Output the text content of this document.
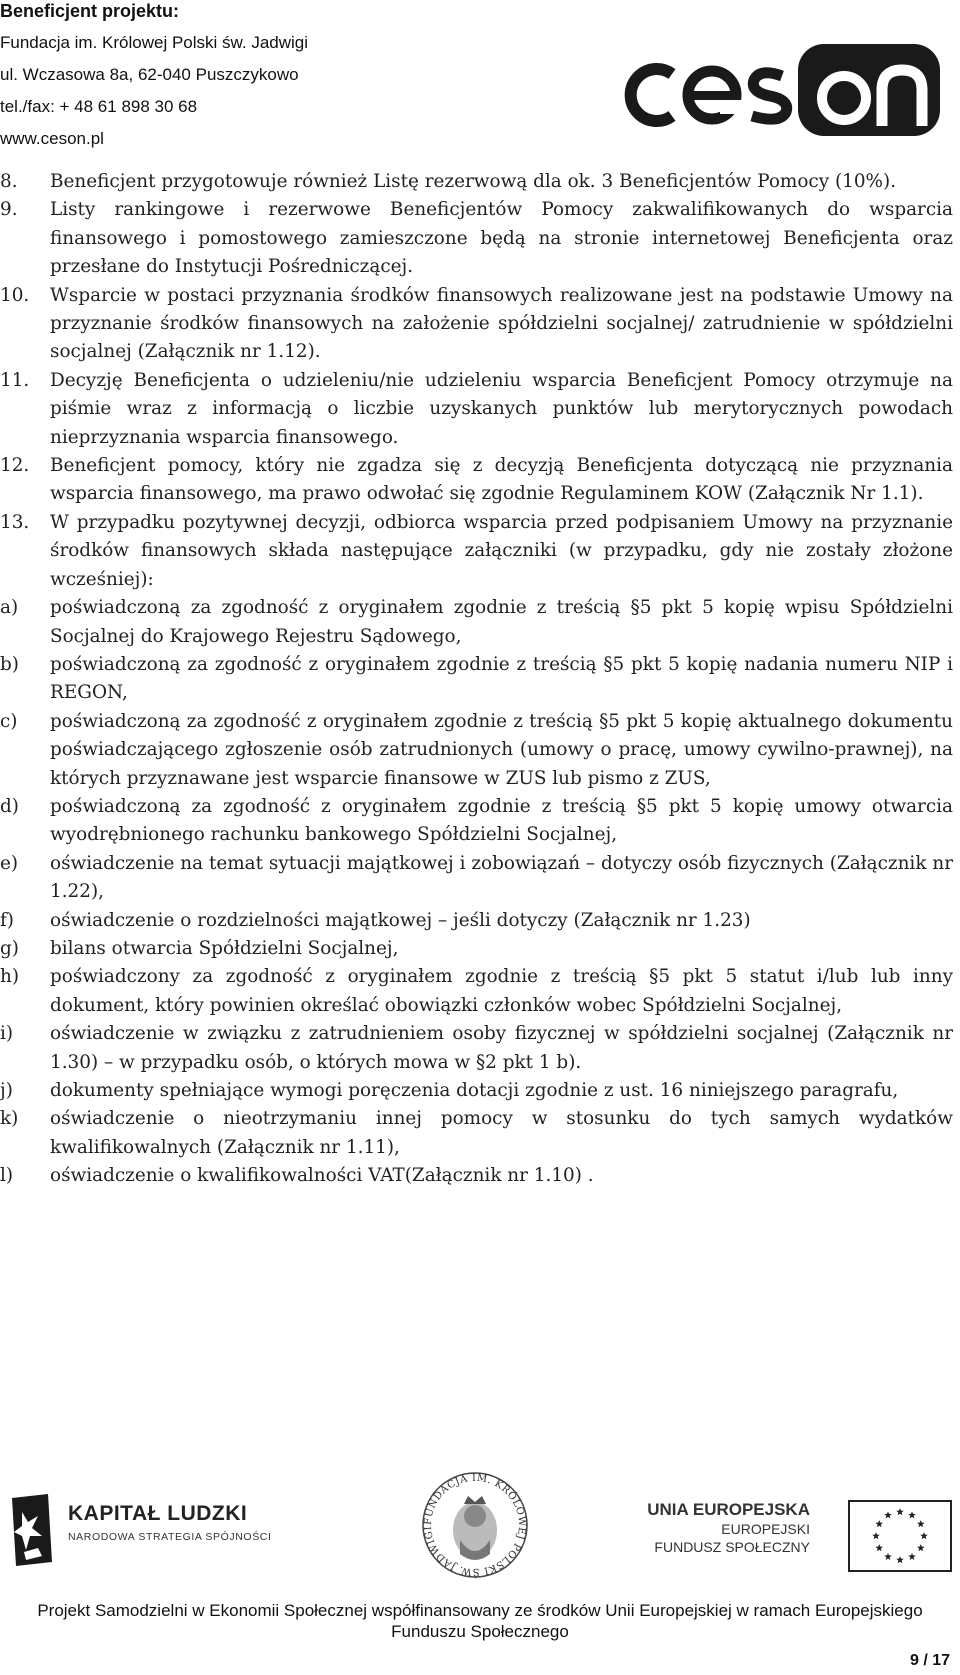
Beneficjent projektu:
Fundacja im. Królowej Polski św. Jadwigi
ul. Wczasowa 8a, 62-040 Puszczykowo
tel./fax: + 48 61 898 30 68
www.ceson.pl
ceson
8. Beneficjent przygotowuje również Listę rezerwową dla ok. 3 Beneficjentów Pomocy (10%).
9. Listy rankingowe i rezerwowe Beneficjentów Pomocy zakwalifikowanych do wsparcia finansowego i pomostowego zamieszczone będą na stronie internetowej Beneficjenta oraz przesłane do Instytucji Pośredniczącej.
10. Wsparcie w postaci przyznania środków finansowych realizowane jest na podstawie Umowy na przyznanie środków finansowych na założenie spółdzielni socjalnej/ zatrudnienie w spółdzielni socjalnej (Załącznik nr 1.12).
11. Decyzję Beneficjenta o udzieleniu/nie udzieleniu wsparcia Beneficjent Pomocy otrzymuje na piśmie wraz z informacją o liczbie uzyskanych punktów lub merytorycznych powodach nieprzyznania wsparcia finansowego.
12. Beneficjent pomocy, który nie zgadza się z decyzją Beneficjenta dotyczącą nie przyznania wsparcia finansowego, ma prawo odwołać się zgodnie Regulaminem KOW (Załącznik Nr 1.1).
13. W przypadku pozytywnej decyzji, odbiorca wsparcia przed podpisaniem Umowy na przyznanie środków finansowych składa następujące załączniki (w przypadku, gdy nie zostały złożone wcześniej):
a) poświadczoną za zgodność z oryginałem zgodnie z treścią §5 pkt 5 kopię wpisu Spółdzielni Socjalnej do Krajowego Rejestru Sądowego,
b) poświadczoną za zgodność z oryginałem zgodnie z treścią §5 pkt 5 kopię nadania numeru NIP i REGON,
c) poświadczoną za zgodność z oryginałem zgodnie z treścią §5 pkt 5 kopię aktualnego dokumentu poświadczającego zgłoszenie osób zatrudnionych (umowy o pracę, umowy cywilno-prawnej), na których przyznawane jest wsparcie finansowe w ZUS lub pismo z ZUS,
d) poświadczoną za zgodność z oryginałem zgodnie z treścią §5 pkt 5 kopię umowy otwarcia wyodrębnionego rachunku bankowego Spółdzielni Socjalnej,
e) oświadczenie na temat sytuacji majątkowej i zobowiązań – dotyczy osób fizycznych (Załącznik nr 1.22),
f) oświadczenie o rozdzielności majątkowej – jeśli dotyczy (Załącznik nr 1.23)
g) bilans otwarcia Spółdzielni Socjalnej,
h) poświadczony za zgodność z oryginałem zgodnie z treścią §5 pkt 5 statut i/lub lub inny dokument, który powinien określać obowiązki członków wobec Spółdzielni Socjalnej,
i) oświadczenie w związku z zatrudnieniem osoby fizycznej w spółdzielni socjalnej (Załącznik nr 1.30) – w przypadku osób, o których mowa w §2 pkt 1 b).
j) dokumenty spełniające wymogi poręczenia dotacji zgodnie z ust. 16 niniejszego paragrafu,
k) oświadczenie o nieotrzymaniu innej pomocy w stosunku do tych samych wydatków kwalifikowalnych (Załącznik nr 1.11),
l) oświadczenie o kwalifikowalności VAT(Załącznik nr 1.10) .
KAPITAŁ LUDZKI
NARODOWA STRATEGIA SPÓJNOŚCI
FUNDACJA IM. KRÓLOWEJ POLSKI ŚW. JADWIGI
UNIA EUROPEJSKA
EUROPEJSKI
FUNDUSZ SPOŁECZNY
Projekt Samodzielni w Ekonomii Społecznej współfinansowany ze środków Unii Europejskiej w ramach Europejskiego
Funduszu Społecznego
9 / 17
